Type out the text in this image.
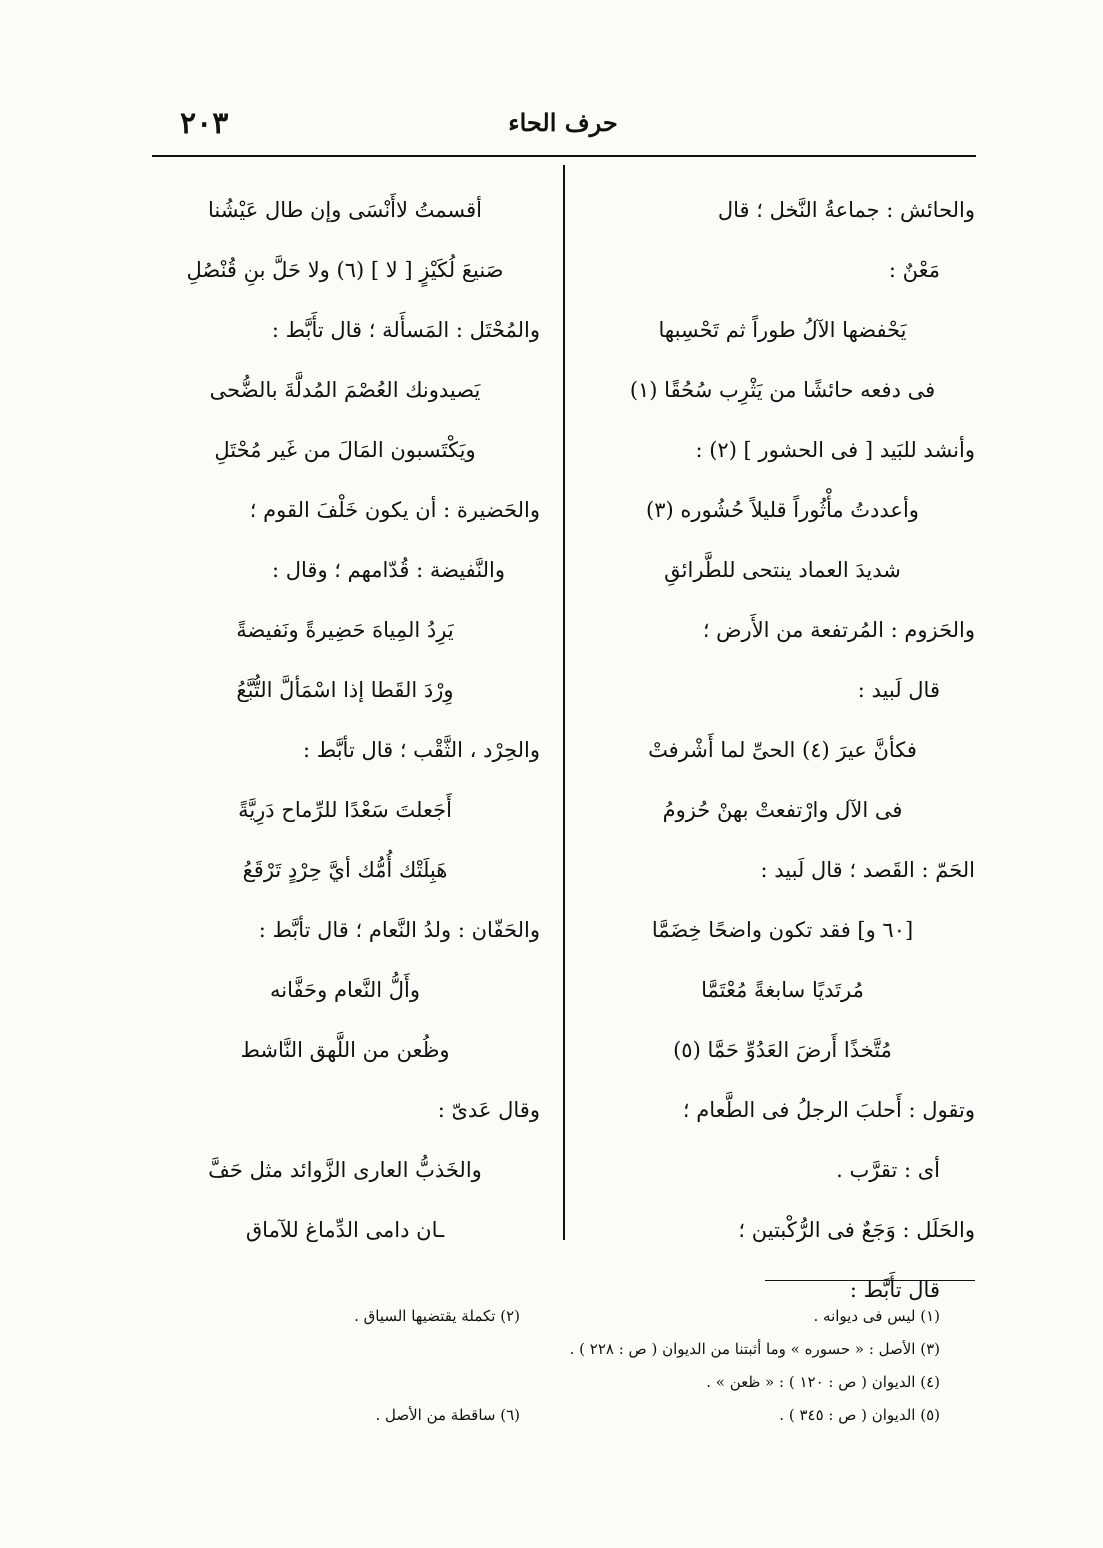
٢٠٣	حرف الحاء
والحائش : جماعةُ النَّخل ؛ قال
مَعْنٌ :
يَحْفضها الآلُ طوراً ثم تَحْسِبها
فى دفعه حائشًا من يَثْرِب سُحُقًا (١)
وأنشد للبَيد [ فى الحشور ] (٢) :
وأعددتُ مأْثُوراً قليلاً حُشُوره (٣)
شديدَ العماد ينتحى للطَّرائقِ
والحَزوم : المُرتفعة من الأَرض ؛
قال لَبيد :
فكأنَّ عيرَ (٤) الحىِّ لما أَشْرفتْ
فى الآل وارْتفعتْ بهنْ حُزومُ
الحَمّ : القَصد ؛ قال لَبيد :
[٦٠ و] فقد تكون واضحًا خِضَمَّا
مُرتَديًا سابغةً مُعْتَمَّا
مُتَّخذًا أَرضَ العَدُوِّ حَمَّا (٥)
وتقول : أَحلبَ الرجلُ فى الطَّعام ؛
أى : تقرَّب .
والحَلَل : وَجَعٌ فى الرُّكْبتين ؛
قال تأَبَّط :
أقسمتُ لاأَنْسَى وإن طال عَيْشُنا
صَنيعَ لُكَيْزٍ [ لا ] (٦) ولا حَلَّ بنِ قُنْصُلِ
والمُحْتَل : المَسأَلة ؛ قال تأَبَّط :
يَصيدونك العُصْمَ المُدلَّةَ بالضُّحى
ويَكْتَسبون المَالَ من غَير مُحْتَلِ
والحَضيرة : أن يكون خَلْفَ القوم ؛
والنَّفيضة : قُدّامهم ؛ وقال :
يَرِدُ المِياهَ حَضِيرةً ونَفيضةً
وِرْدَ القَطا إذا اسْمَألَّ التُّبَّعُ
والحِرْد ، الثَّقْب ؛ قال تأبَّط :
أَجَعلتَ سَعْدًا للرِّماح دَرِيَّةً
هَبِلَتْك أُمُّك أيَّ حِرْدٍ تَرْقَعُ
والحَفّان : ولدُ النَّعام ؛ قال تأبَّط :
وأَلُّ النَّعام وحَفَّانه
وظُعن من اللَّهق النَّاشط
وقال عَدىّ :
والخَذبُّ العارى الزَّوائد مثل حَفَّ
ـان دامى الدِّماغ للآماق
(١) ليس فى ديوانه .
(٢) تكملة يقتضيها السياق .
(٣) الأصل : « حسوره » وما أثبتنا من الديوان ( ص : ٢٢٨ ) .
(٤) الديوان ( ص : ١٢٠ ) : « ظعن » .
(٥) الديوان ( ص : ٣٤٥ ) .
(٦) ساقطة من الأصل .
